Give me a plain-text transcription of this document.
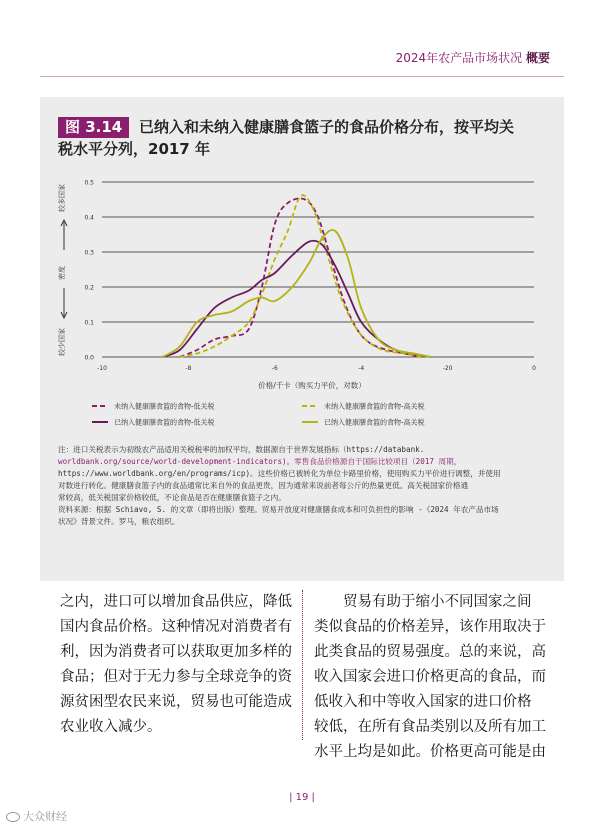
2024年农产品市场状况 概要
图 3.14	已纳入和未纳入健康膳食篮子的食品价格分布，按平均关
税水平分列，2017 年
0.0
0.1
0.2
0.3
0.4
0.5
-10	-8	-6	-4	-20	0
较多国家
密度
较少国家
价格/千卡（购买力平价，对数）
未纳入健康膳食篮的食物-低关税	未纳入健康膳食篮的食物-高关税
已纳入健康膳食篮的食物-低关税	已纳入健康膳食篮的食物-高关税
注：进口关税表示为初级农产品适用关税税率的加权平均，数据源自于世界发展指标（https://databank.
worldbank.org/source/world-development-indicators)。零售食品价格源自于国际比较项目（2017 周期，
https://www.worldbank.org/en/programs/icp)。这些价格已被转化为单位卡路里价格，使用购买力平价进行调整，并使用
对数进行转化。健康膳食篮子内的食品通常比来自外的食品更贵，因为通常来说前者每公斤的热量更低。高关税国家价格通
常较高，低关税国家价格较低，不论食品是否在健康膳食篮子之内。
资料来源：根据 Schiavo, S. 的文章（即将出版）整理。贸易开放度对健康膳食成本和可负担性的影响 -《2024 年农产品市场
状况》背景文件。罗马，粮农组织。
之内，进口可以增加食品供应，降低
国内食品价格。这种情况对消费者有
利，因为消费者可以获取更加多样的
食品；但对于无力参与全球竞争的资
源贫困型农民来说，贸易也可能造成
农业收入减少。
贸易有助于缩小不同国家之间
类似食品的价格差异，该作用取决于
此类食品的贸易强度。总的来说，高
收入国家会进口价格更高的食品，而
低收入和中等收入国家的进口价格
较低，在所有食品类别以及所有加工
水平上均是如此。价格更高可能是由
| 19 |
大众财经
